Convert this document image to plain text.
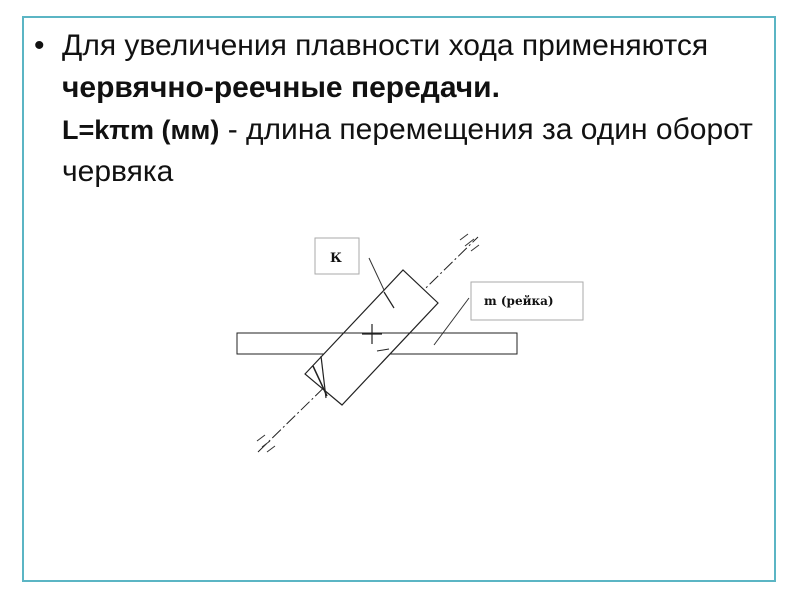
• Для увеличения плавности хода применяются червячно-реечные передачи.
L=kπm (мм) - длина перемещения за один оборот червяка
К
m (рейка)
